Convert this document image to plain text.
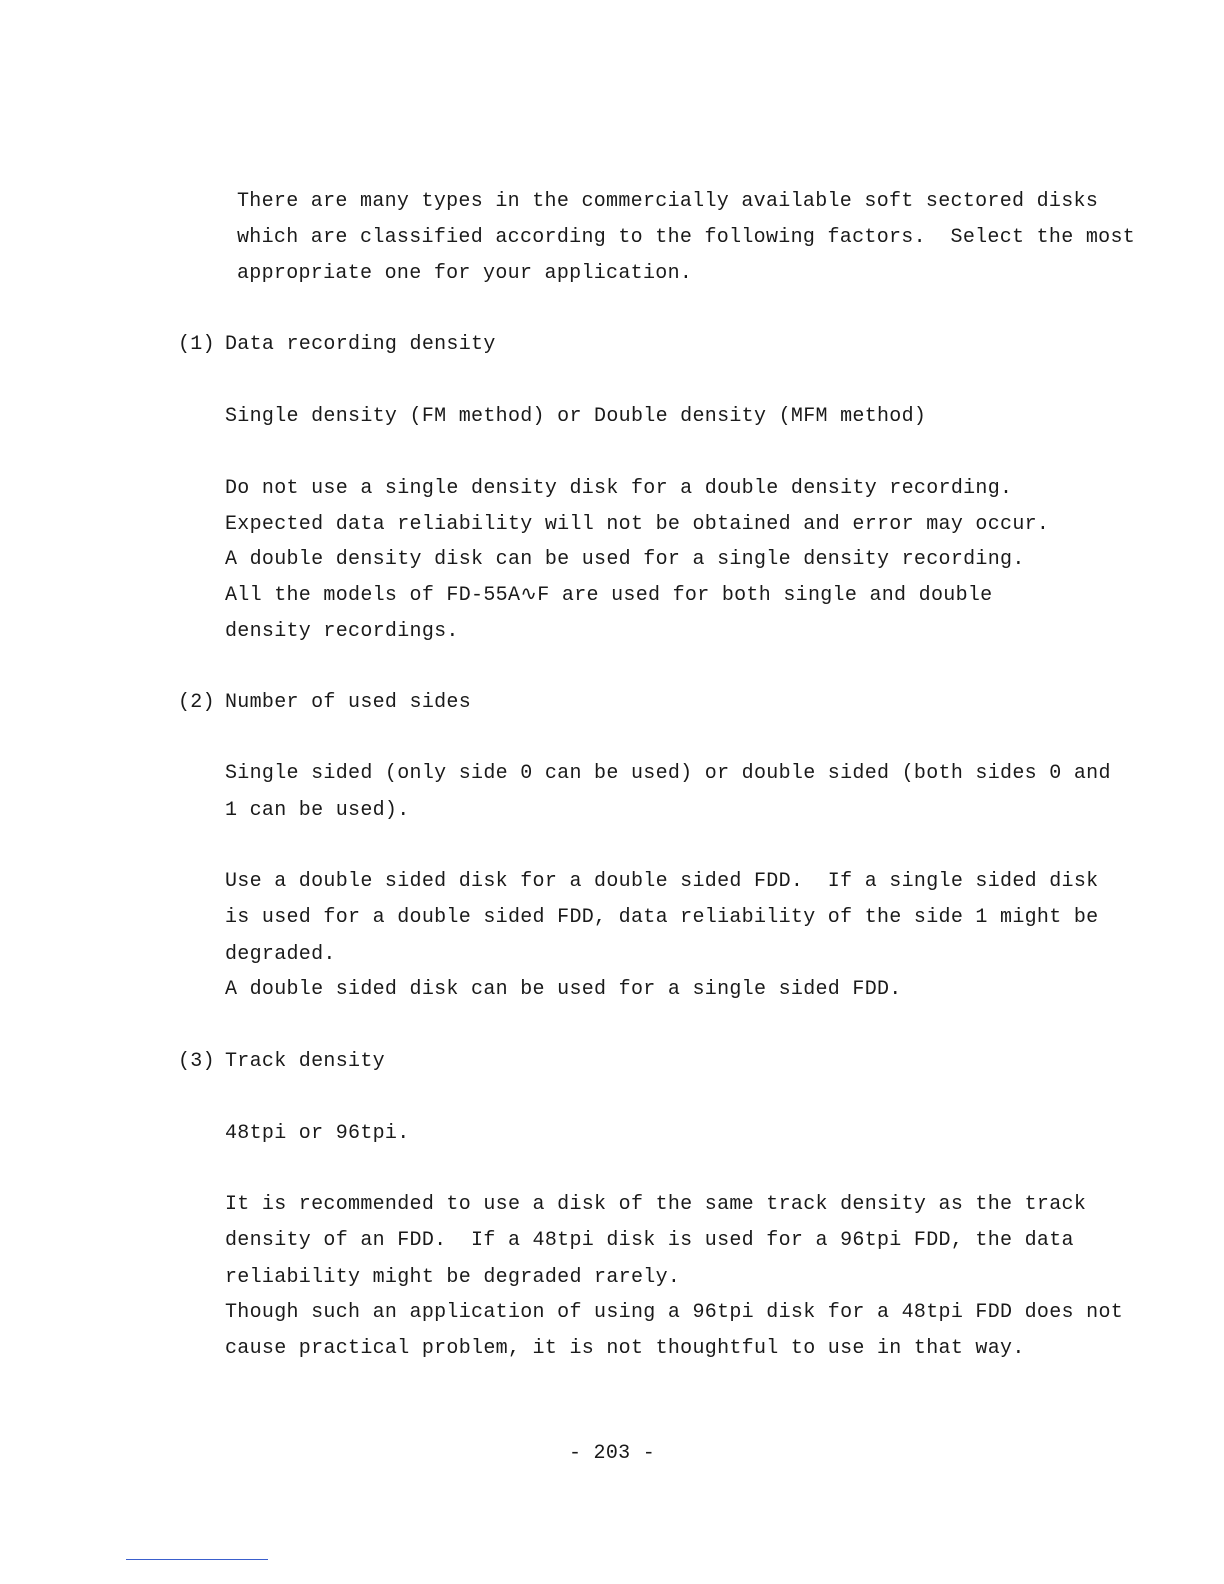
There are many types in the commercially available soft sectored disks
which are classified according to the following factors.  Select the most
appropriate one for your application.
(1) Data recording density
Single density (FM method) or Double density (MFM method)
Do not use a single density disk for a double density recording.
Expected data reliability will not be obtained and error may occur.
A double density disk can be used for a single density recording.
All the models of FD-55A∿F are used for both single and double
density recordings.
(2) Number of used sides
Single sided (only side 0 can be used) or double sided (both sides 0 and
1 can be used).
Use a double sided disk for a double sided FDD.  If a single sided disk
is used for a double sided FDD, data reliability of the side 1 might be
degraded.
A double sided disk can be used for a single sided FDD.
(3) Track density
48tpi or 96tpi.
It is recommended to use a disk of the same track density as the track
density of an FDD.  If a 48tpi disk is used for a 96tpi FDD, the data
reliability might be degraded rarely.
Though such an application of using a 96tpi disk for a 48tpi FDD does not
cause practical problem, it is not thoughtful to use in that way.
- 203 -
